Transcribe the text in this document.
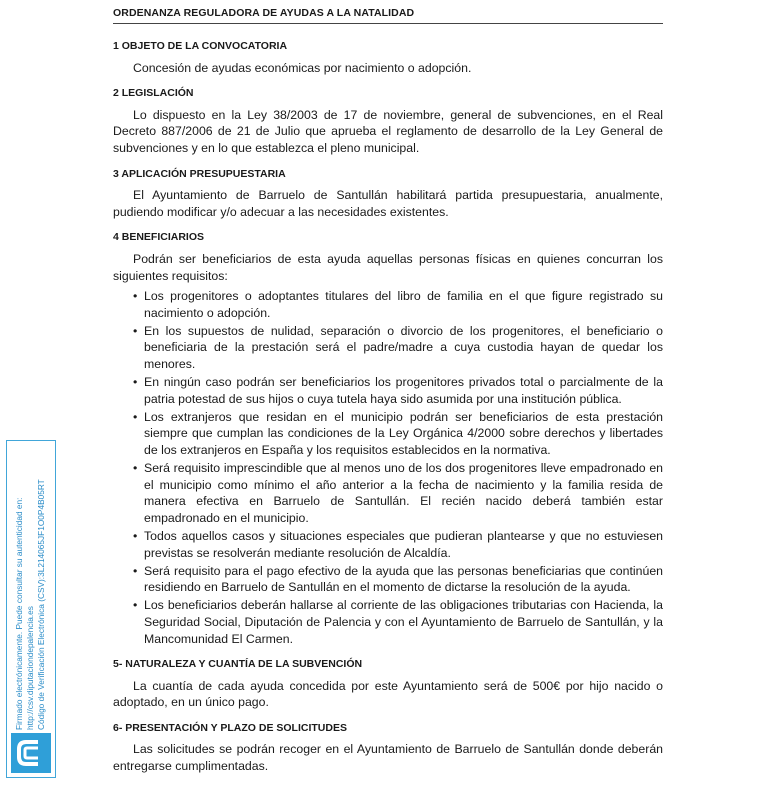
ORDENANZA REGULADORA DE AYUDAS A LA NATALIDAD
1 OBJETO DE LA CONVOCATORIA

Concesión de ayudas económicas por nacimiento o adopción.

2 LEGISLACIÓN

Lo dispuesto en la Ley 38/2003 de 17 de noviembre, general de subvenciones, en el Real Decreto 887/2006 de 21 de Julio que aprueba el reglamento de desarrollo de la Ley General de subvenciones y en lo que establezca el pleno municipal.

3 APLICACIÓN PRESUPUESTARIA

El Ayuntamiento de Barruelo de Santullán habilitará partida presupuestaria, anualmente, pudiendo modificar y/o adecuar a las necesidades existentes.

4 BENEFICIARIOS

Podrán ser beneficiarios de esta ayuda aquellas personas físicas en quienes concurran los siguientes requisitos:

• Los progenitores o adoptantes titulares del libro de familia en el que figure registrado su nacimiento o adopción.
• En los supuestos de nulidad, separación o divorcio de los progenitores, el beneficiario o beneficiaria de la prestación será el padre/madre a cuya custodia hayan de quedar los menores.
• En ningún caso podrán ser beneficiarios los progenitores privados total o parcialmente de la patria potestad de sus hijos o cuya tutela haya sido asumida por una institución pública.
• Los extranjeros que residan en el municipio podrán ser beneficiarios de esta prestación siempre que cumplan las condiciones de la Ley Orgánica 4/2000 sobre derechos y libertades de los extranjeros en España y los requisitos establecidos en la normativa.
• Será requisito imprescindible que al menos uno de los dos progenitores lleve empadronado en el municipio como mínimo el año anterior a la fecha de nacimiento y la familia resida de manera efectiva en Barruelo de Santullán. El recién nacido deberá también estar empadronado en el municipio.
• Todos aquellos casos y situaciones especiales que pudieran plantearse y que no estuviesen previstas se resolverán mediante resolución de Alcaldía.
• Será requisito para el pago efectivo de la ayuda que las personas beneficiarias que continúen residiendo en Barruelo de Santullán en el momento de dictarse la resolución de la ayuda.
• Los beneficiarios deberán hallarse al corriente de las obligaciones tributarias con Hacienda, la Seguridad Social, Diputación de Palencia y con el Ayuntamiento de Barruelo de Santullán, y la Mancomunidad El Carmen.
5- NATURALEZA Y CUANTÍA DE LA SUBVENCIÓN

La cuantía de cada ayuda concedida por este Ayuntamiento será de 500€ por hijo nacido o adoptado, en un único pago.

6- PRESENTACIÓN Y PLAZO DE SOLICITUDES

Las solicitudes se podrán recoger en el Ayuntamiento de Barruelo de Santullán donde deberán entregarse cumplimentadas.

Firmado electrónicamente. Puede consultar su autenticidad en: http://csv.diputaciondepalencia.es Código de Verificación Electrónica (CSV):3L214065JF1O0P4B05RT
